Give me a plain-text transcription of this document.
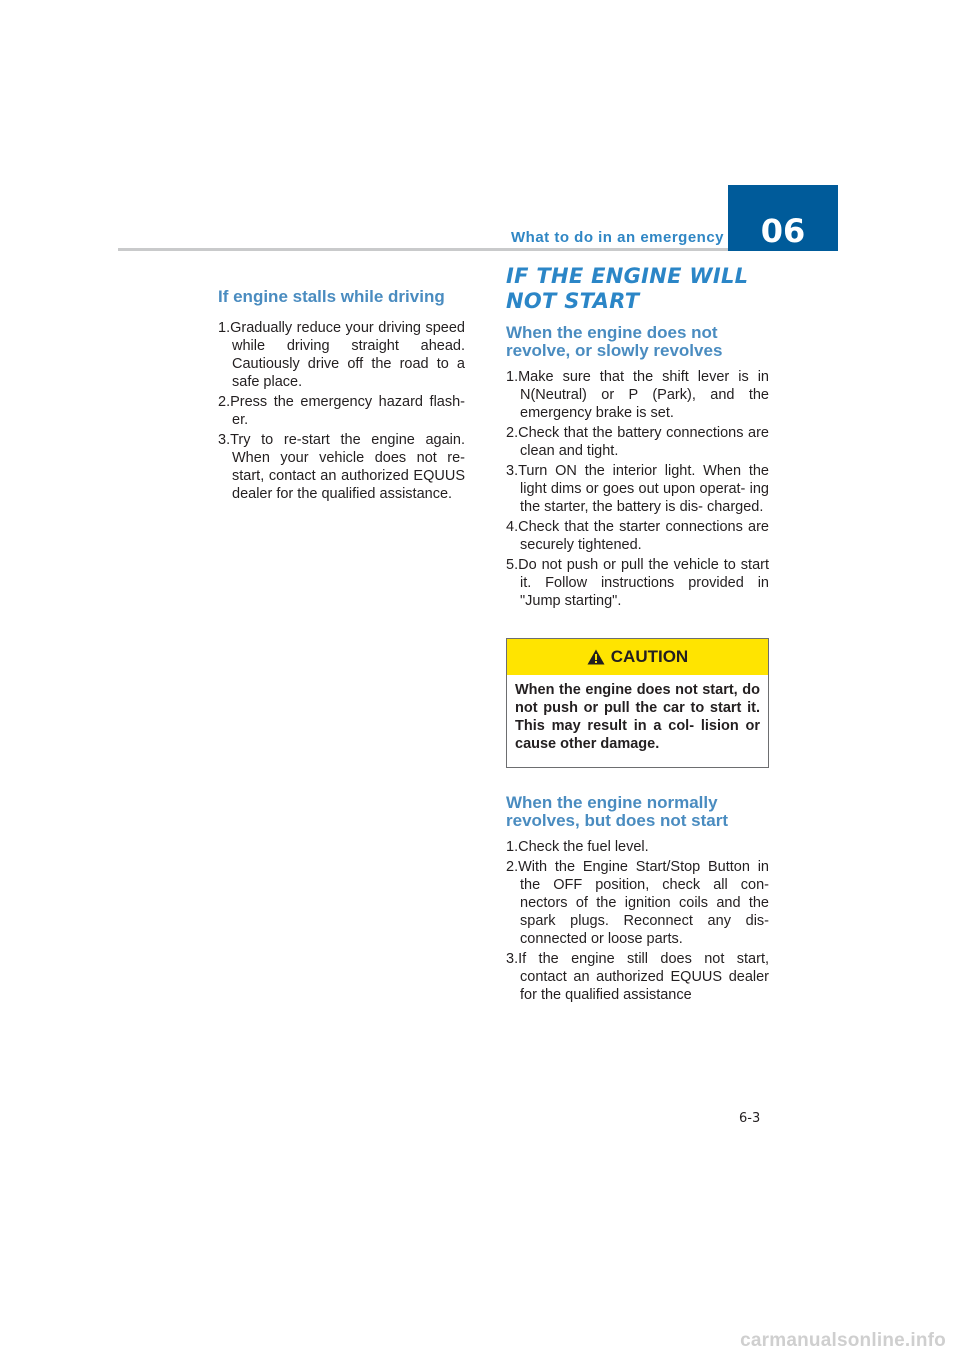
What to do in an emergency 06
If engine stalls while driving
1.Gradually reduce your driving speed while driving straight ahead. Cautiously drive off the road to a safe place.
2.Press the emergency hazard flash- er.
3.Try to re-start the engine again. When your vehicle does not re- start, contact an authorized EQUUS dealer for the qualified assistance.
IF THE ENGINE WILL NOT START
When the engine does not revolve, or slowly revolves
1.Make sure that the shift lever is in N(Neutral) or P (Park), and the emergency brake is set.
2.Check that the battery connections are clean and tight.
3.Turn ON the interior light. When the light dims or goes out upon operat- ing the starter, the battery is dis- charged.
4.Check that the starter connections are securely tightened.
5.Do not push or pull the vehicle to start it. Follow instructions provided in "Jump starting".
CAUTION
When the engine does not start, do not push or pull the car to start it. This may result in a col- lision or cause other damage.
When the engine normally revolves, but does not start
1.Check the fuel level.
2.With the Engine Start/Stop Button in the OFF position, check all con- nectors of the ignition coils and the spark plugs. Reconnect any dis- connected or loose parts.
3.If the engine still does not start, contact an authorized EQUUS dealer for the qualified assistance
6-3
carmanualsonline.info
